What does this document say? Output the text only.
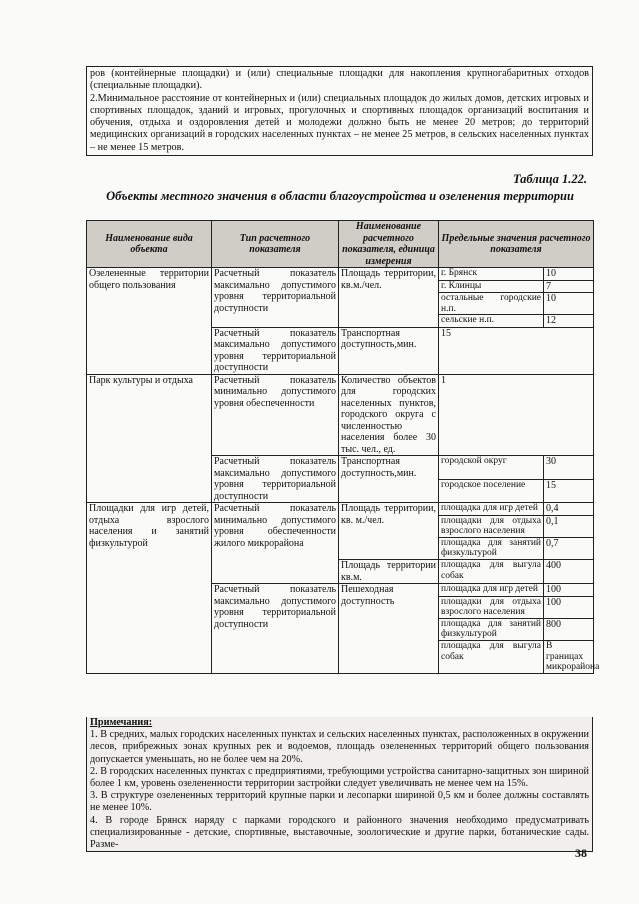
ров (контейнерные площадки) и (или) специальные площадки для накопления крупногабаритных отходов (специальные площадки).

2.Минимальное расстояние от контейнерных и (или) специальных площадок до жилых домов, детских игровых и спортивных площадок, зданий и игровых, прогулочных и спортивных площадок организаций воспитания и обучения, отдыха и оздоровления детей и молодежи должно быть не менее 20 метров; до территорий медицинских организаций в городских населенных пунктах – не менее 25 метров, в сельских населенных пунктах – не менее 15 метров.

Таблица 1.22.
Объекты местного значения в области благоустройства и озеленения территории
Наименование вида объекта	Тип расчетного показателя	Наименование расчетного показателя, единица измерения	Предельные значения расчетного показателя	
Озелененные территории общего пользования	Расчетный показатель максимально допустимого уровня территориальной доступности	Площадь территории, кв.м./чел.	г. Брянск	10
			г. Клинцы	7
			остальные городские н.п.	10
			сельские н.п.	12
	Расчетный показатель максимально допустимого уровня территориальной доступности	Транспортная доступность,мин.	15	
Парк культуры и отдыха	Расчетный показатель минимально допустимого уровня обеспеченности	Количество объектов для городских населенных пунктов, городского округа с численностью населения более 30 тыс. чел., ед.	1	
	Расчетный показатель максимально допустимого уровня территориальной доступности	Транспортная доступность,мин.	городской округ	30
			городское поселение	15
Площадки для игр детей, отдыха взрослого населения и занятий физкультурой	Расчетный показатель минимально допустимого уровня обеспеченности жилого микрорайона	Площадь территории, кв. м./чел.	площадка для игр детей	0,4
			площадки для отдыха взрослого населения	0,1
			площадка для занятий физкультурой	0,7
		Площадь территории кв.м.	площадка для выгула собак	400
	Расчетный показатель максимально допустимого уровня территориальной доступности	Пешеходная доступность	площадка для игр детей	100
			площадки для отдыха взрослого населения	100
			площадка для занятий физкультурой	800
			площадка для выгула собак	В границах микрорайона

Примечания:

1. В средних, малых городских населенных пунктах и сельских населенных пунктах, расположенных в окружении лесов, прибрежных зонах крупных рек и водоемов, площадь озелененных территорий общего пользования допускается уменьшать, но не более чем на 20%.

2. В городских населенных пунктах с предприятиями, требующими устройства санитарно-защитных зон шириной более 1 км, уровень озелененности территории застройки следует увеличивать не менее чем на 15%.

3. В структуре озелененных территорий крупные парки и лесопарки шириной 0,5 км и более должны составлять не менее 10%.

4. В городе Брянск наряду с парками городского и районного значения необходимо предусматривать специализированные - детские, спортивные, выставочные, зоологические и другие парки, ботанические сады. Разме-

38
